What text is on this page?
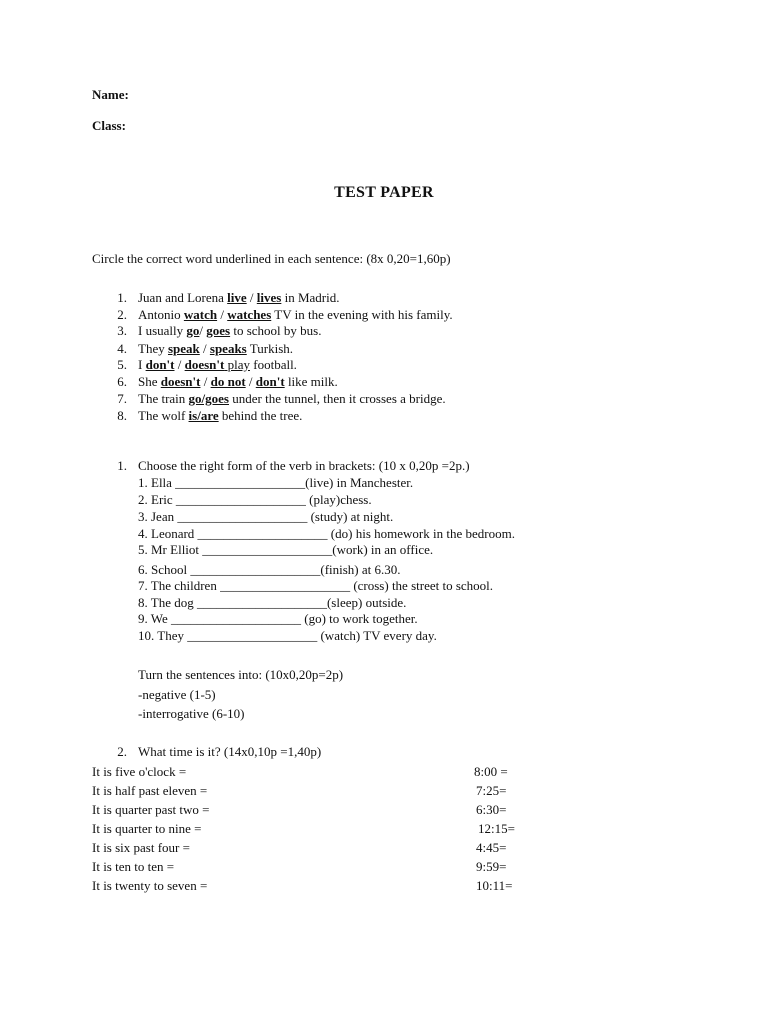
Name:
Class:
TEST PAPER
Circle the correct word underlined in each sentence: (8x 0,20=1,60p)
1. Juan and Lorena live / lives in Madrid.
2. Antonio watch / watches TV in the evening with his family.
3. I usually go/ goes to school by bus.
4. They speak / speaks Turkish.
5. I don't / doesn't play football.
6. She doesn't / do not / don't like milk.
7. The train go/goes under the tunnel, then it crosses a bridge.
8. The wolf is/are behind the tree.
1. Choose the right form of the verb in brackets: (10 x 0,20p =2p.)
1. Ella ____________________(live) in Manchester.
2. Eric ____________________ (play)chess.
3. Jean ____________________ (study) at night.
4. Leonard ____________________ (do) his homework in the bedroom.
5. Mr Elliot ____________________(work) in an office.
6. School ____________________(finish) at 6.30.
7. The children ____________________ (cross) the street to school.
8. The dog ____________________(sleep) outside.
9. We ____________________ (go) to work together.
10. They ____________________ (watch) TV every day.
Turn the sentences into: (10x0,20p=2p)
-negative (1-5)
-interrogative (6-10)
2. What time is it? (14x0,10p =1,40p)
It is five o'clock =
It is half past eleven =
It is quarter past two =
It is quarter to nine =
It is six past four =
It is ten to ten =
It is twenty to seven =
8:00 =
7:25=
6:30=
12:15=
4:45=
9:59=
10:11=
